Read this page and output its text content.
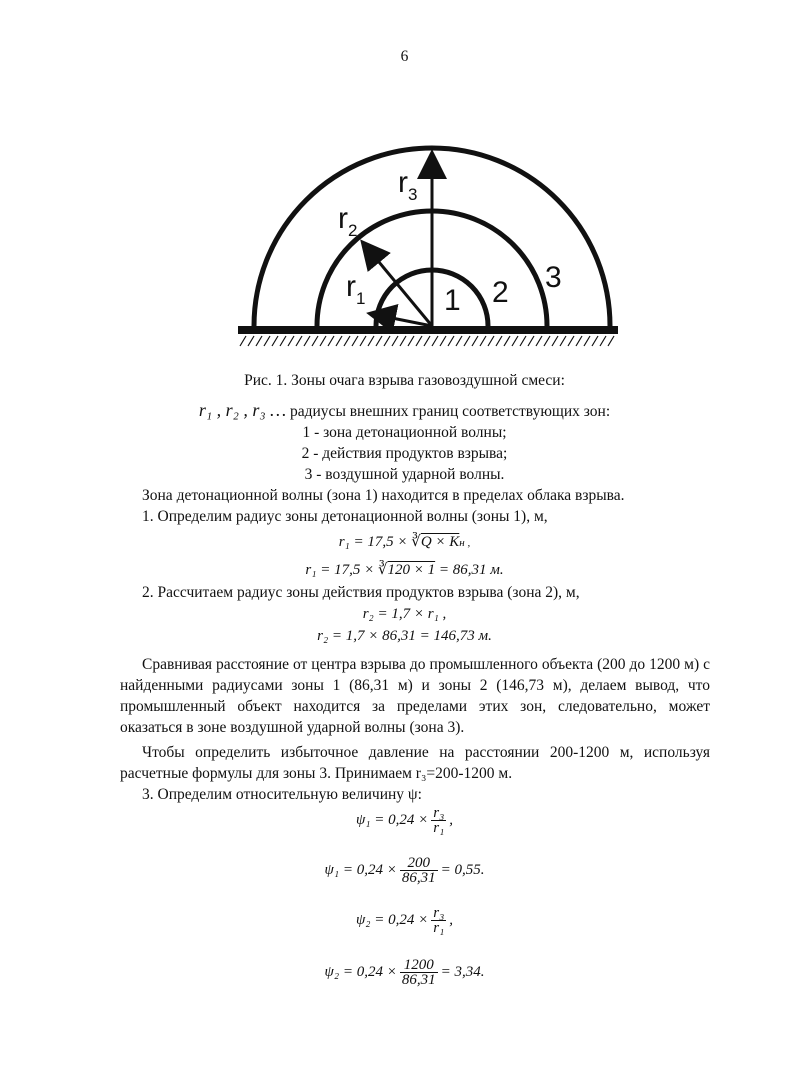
6
$r_3$
$r_2$
$r_1$	1 2 3
Рис. 1. Зоны очага взрыва газовоздушной смеси:
r₁ , r₂ , r₃ … радиусы внешних границ соответствующих зон:
1 - зона детонационной волны;
2 - действия продуктов взрыва;
3 - воздушной ударной волны.
Зона детонационной волны (зона 1) находится в пределах облака взрыва.
1. Определим радиус зоны детонационной волны (зоны 1), м,
r₁ = 17,5 × ∛Q × Kн ,
r₁ = 17,5 × ∛120 × 1 = 86,31 м.
2. Рассчитаем радиус зоны действия продуктов взрыва (зона 2), м,
r₂ = 1,7 × r₁ ,
r₂ = 1,7 × 86,31 = 146,73 м.
Сравнивая расстояние от центра взрыва до промышленного объекта (200 до 1200 м) с найденными радиусами зоны 1 (86,31 м) и зоны 2 (146,73 м), делаем вывод, что промышленный объект находится за пределами этих зон, следовательно, может оказаться в зоне воздушной ударной волны (зона 3).
Чтобы определить избыточное давление на расстоянии 200-1200 м, используя расчетные формулы для зоны 3. Принимаем r₃=200-1200 м.
3. Определим относительную величину ψ:
$\psi_1 = 0,24 \times \frac{\text{r₃}}{\text{r₁}}$ ,
$\psi_1 = 0,24 \times \frac{200}{86,31} = 0,55$.
$\psi_2 = 0,24 \times \frac{\text{r₃}}{\text{r₁}}$ ,
$\psi_2 = 0,24 \times \frac{1200}{86,31} = 3,34$.
